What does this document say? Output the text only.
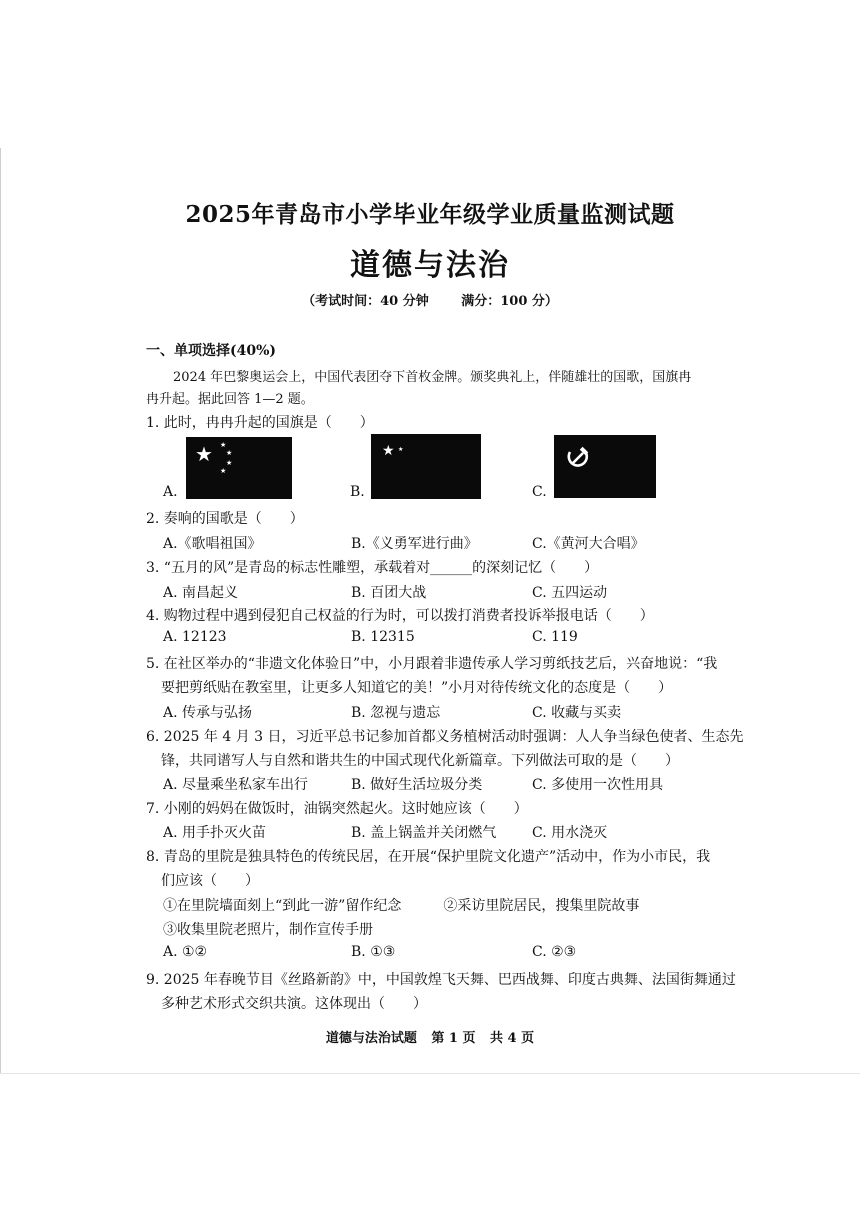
2025年青岛市小学毕业年级学业质量监测试题
道德与法治
（考试时间：40 分钟	满分：100 分）
一、单项选择(40%)
2024 年巴黎奥运会上，中国代表团夺下首枚金牌。颁奖典礼上，伴随雄壮的国歌，国旗冉
冉升起。据此回答 1—2 题。
1. 此时，冉冉升起的国旗是（　　）
A.
★ ★
★
★
★
B.
★ ★
C.
2. 奏响的国歌是（　　）
A.《歌唱祖国》	B.《义勇军进行曲》	C.《黄河大合唱》
3. “五月的风”是青岛的标志性雕塑，承载着对______的深刻记忆（　　）
A. 南昌起义	B. 百团大战	C. 五四运动
4. 购物过程中遇到侵犯自己权益的行为时，可以拨打消费者投诉举报电话（　　）
A. 12123	B. 12315	C. 119
5. 在社区举办的“非遗文化体验日”中，小月跟着非遗传承人学习剪纸技艺后，兴奋地说：“我
要把剪纸贴在教室里，让更多人知道它的美！”小月对待传统文化的态度是（　　）
A. 传承与弘扬	B. 忽视与遗忘	C. 收藏与买卖
6. 2025 年 4 月 3 日，习近平总书记参加首都义务植树活动时强调：人人争当绿色使者、生态先
锋，共同谱写人与自然和谐共生的中国式现代化新篇章。下列做法可取的是（　　）
A. 尽量乘坐私家车出行	B. 做好生活垃圾分类	C. 多使用一次性用具
7. 小刚的妈妈在做饭时，油锅突然起火。这时她应该（　　）
A. 用手扑灭火苗	B. 盖上锅盖并关闭燃气	C. 用水浇灭
8. 青岛的里院是独具特色的传统民居，在开展“保护里院文化遗产”活动中，作为小市民，我
们应该（　　）
①在里院墙面刻上“到此一游”留作纪念　　　②采访里院居民，搜集里院故事
③收集里院老照片，制作宣传手册
A. ①②	B. ①③	C. ②③
9. 2025 年春晚节目《丝路新韵》中，中国敦煌飞天舞、巴西战舞、印度古典舞、法国街舞通过
多种艺术形式交织共演。这体现出（　　）
道德与法治试题 第 1 页 共 4 页
